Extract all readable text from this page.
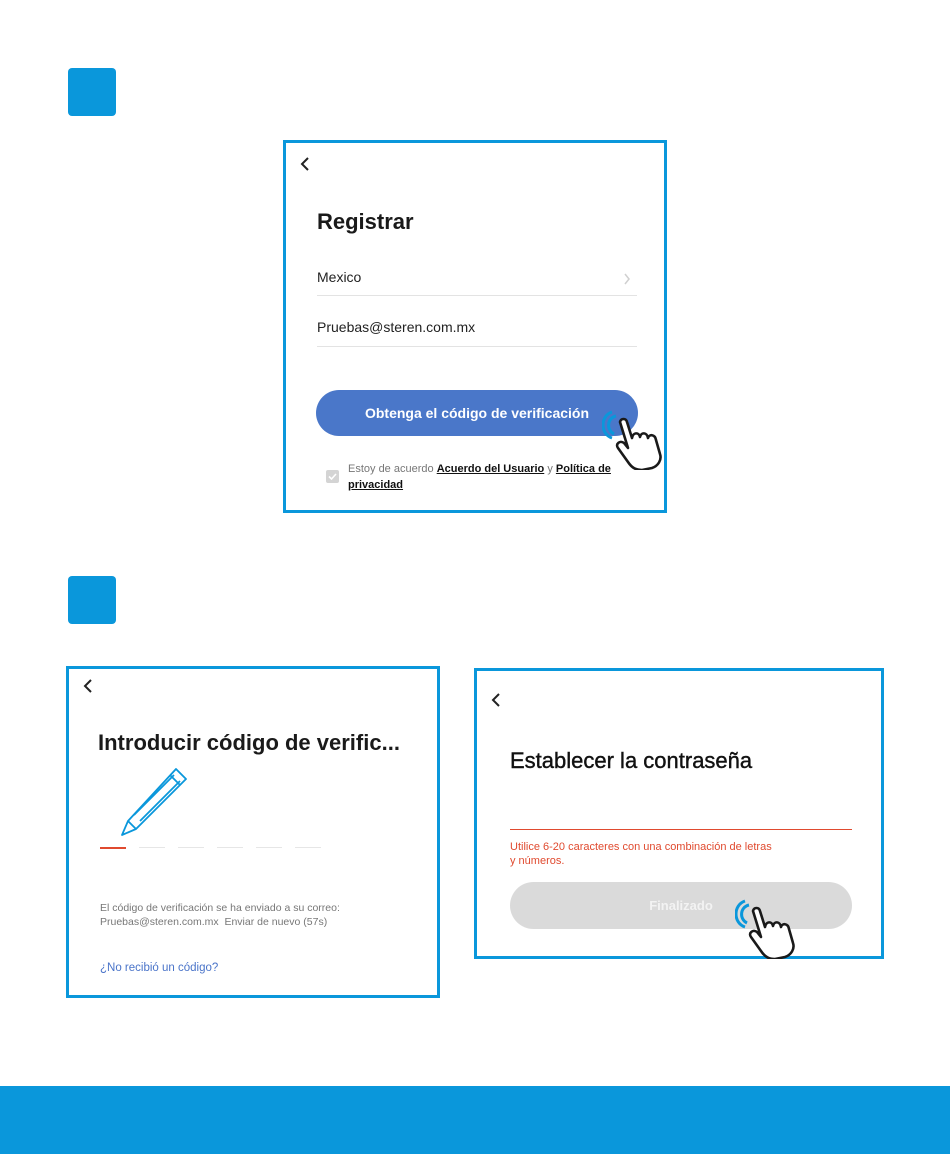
Registrar
Mexico
Pruebas@steren.com.mx
Obtenga el código de verificación
Estoy de acuerdo Acuerdo del Usuario y Política de
privacidad
Introducir código de verific...
El código de verificación se ha enviado a su correo:
Pruebas@steren.com.mx Enviar de nuevo (57s)
¿No recibió un código?
Establecer la contraseña
Utilice 6-20 caracteres con una combinación de letras
y números.
Finalizado
